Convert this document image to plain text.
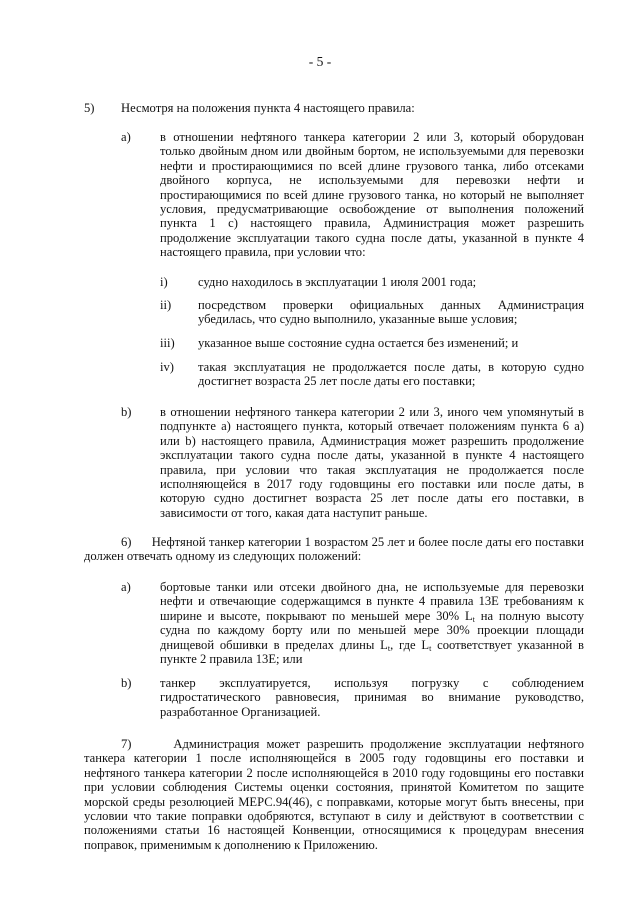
- 5 -
5) Несмотря на положения пункта 4 настоящего правила:
a) в отношении нефтяного танкера категории 2 или 3, который оборудован только двойным дном или двойным бортом, не используемыми для перевозки нефти и простирающимися по всей длине грузового танка, либо отсеками двойного корпуса, не используемыми для перевозки нефти и простирающимися по всей длине грузового танка, но который не выполняет условия, предусматривающие освобождение от выполнения положений пункта 1 c) настоящего правила, Администрация может разрешить продолжение эксплуатации такого судна после даты, указанной в пункте 4 настоящего правила, при условии что:
i) судно находилось в эксплуатации 1 июля 2001 года;
ii) посредством проверки официальных данных Администрация убедилась, что судно выполнило, указанные выше условия;
iii) указанное выше состояние судна остается без изменений; и
iv) такая эксплуатация не продолжается после даты, в которую судно достигнет возраста 25 лет после даты его поставки;
b) в отношении нефтяного танкера категории 2 или 3, иного чем упомянутый в подпункте a) настоящего пункта, который отвечает положениям пункта 6 a) или b) настоящего правила, Администрация может разрешить продолжение эксплуатации такого судна после даты, указанной в пункте 4 настоящего правила, при условии что такая эксплуатация не продолжается после исполняющейся в 2017 году годовщины его поставки или после даты, в которую судно достигнет возраста 25 лет после даты его поставки, в зависимости от того, какая дата наступит раньше.
6) Нефтяной танкер категории 1 возрастом 25 лет и более после даты его поставки должен отвечать одному из следующих положений:
a) бортовые танки или отсеки двойного дна, не используемые для перевозки нефти и отвечающие содержащимся в пункте 4 правила 13Е требованиям к ширине и высоте, покрывают по меньшей мере 30% $L_t$ на полную высоту судна по каждому борту или по меньшей мере 30% проекции площади днищевой обшивки в пределах длины $L_t$, где $L_t$ соответствует указанной в пункте 2 правила 13Е; или
b) танкер эксплуатируется, используя погрузку с соблюдением гидростатического равновесия, принимая во внимание руководство, разработанное Организацией.
7)	Администрация может разрешить продолжение эксплуатации нефтяного танкера категории 1 после исполняющейся в 2005 году годовщины его поставки и нефтяного танкера категории 2 после исполняющейся в 2010 году годовщины его поставки при условии соблюдения Системы оценки состояния, принятой Комитетом по защите морской среды резолюцией МЕРС.94(46), с поправками, которые могут быть внесены, при условии что такие поправки одобряются, вступают в силу и действуют в соответствии с положениями статьи 16 настоящей Конвенции, относящимися к процедурам внесения поправок, применимым к дополнению к Приложению.
